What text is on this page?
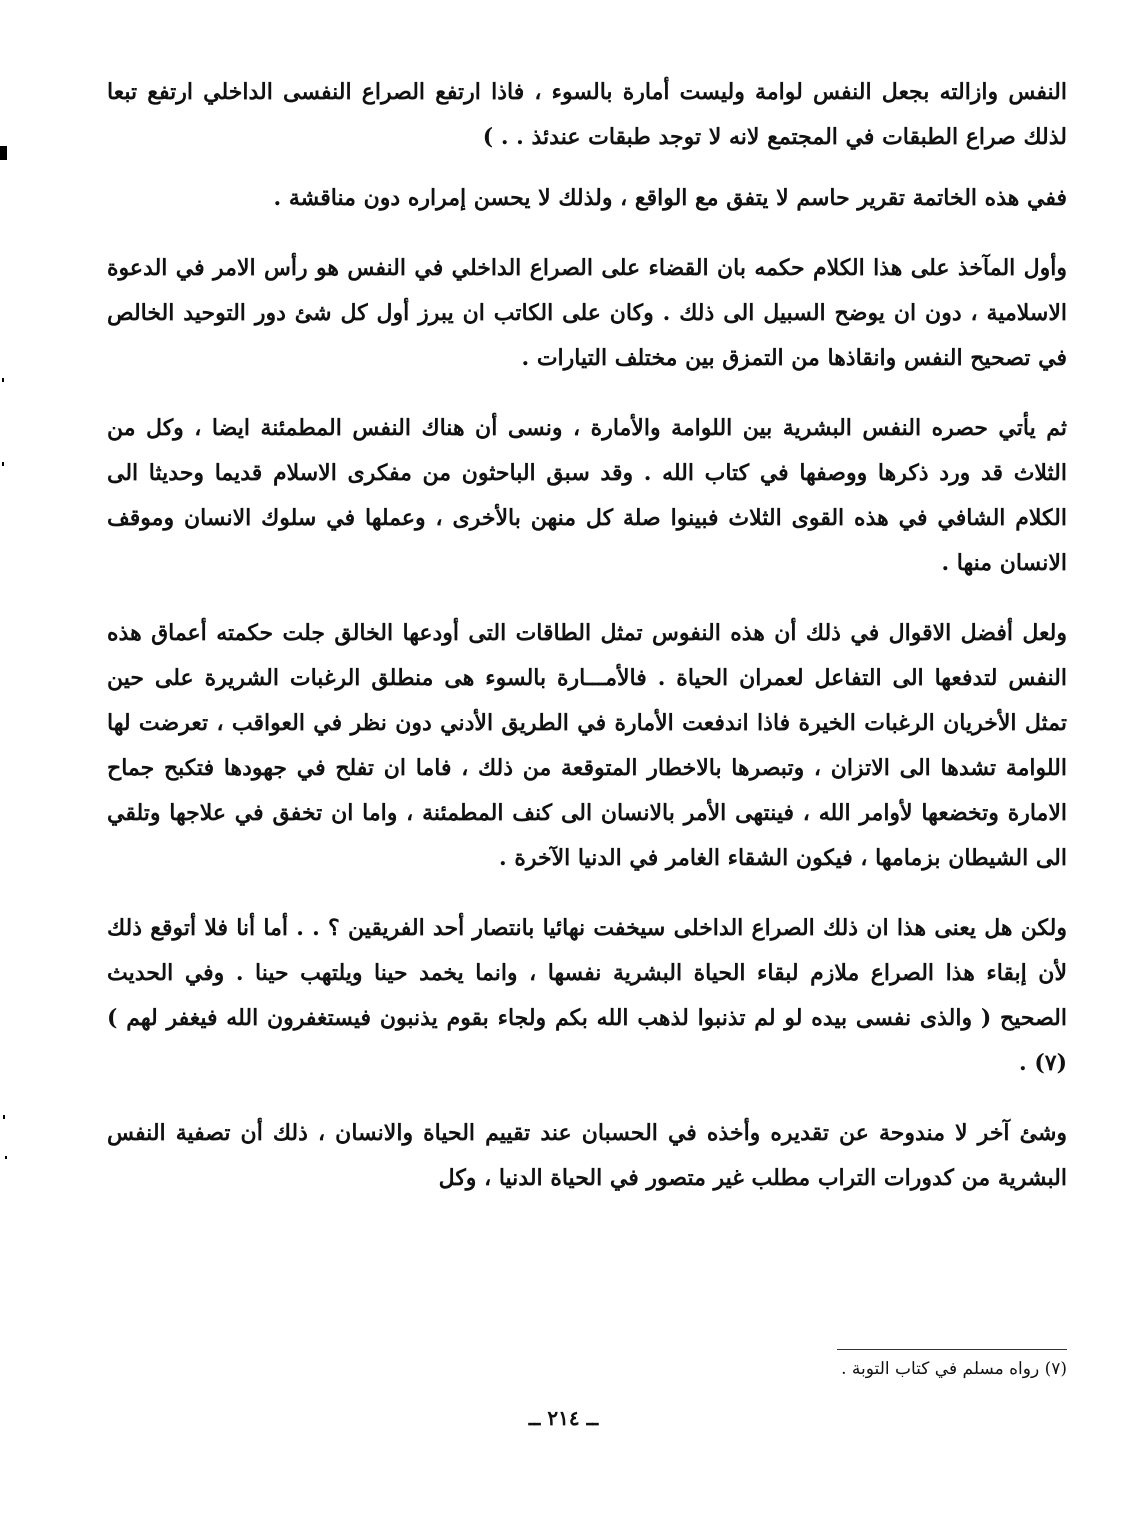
النفس وازالته بجعل النفس لوامة وليست أمارة بالسوء ، فاذا ارتفع الصراع النفسى الداخلي ارتفع تبعا لذلك صراع الطبقات في المجتمع لانه لا توجد طبقات عندئذ . . )

ففي هذه الخاتمة تقرير حاسم لا يتفق مع الواقع ، ولذلك لا يحسن إمراره دون مناقشة .

وأول المآخذ على هذا الكلام حكمه بان القضاء على الصراع الداخلي في النفس هو رأس الامر في الدعوة الاسلامية ، دون ان يوضح السبيل الى ذلك . وكان على الكاتب ان يبرز أول كل شئ دور التوحيد الخالص في تصحيح النفس وانقاذها من التمزق بين مختلف التيارات .

ثم يأتي حصره النفس البشرية بين اللوامة والأمارة ، ونسى أن هناك النفس المطمئنة ايضا ، وكل من الثلاث قد ورد ذكرها ووصفها في كتاب الله . وقد سبق الباحثون من مفكرى الاسلام قديما وحديثا الى الكلام الشافي في هذه القوى الثلاث فبينوا صلة كل منهن بالأخرى ، وعملها في سلوك الانسان وموقف الانسان منها .

ولعل أفضل الاقوال في ذلك أن هذه النفوس تمثل الطاقات التى أودعها الخالق جلت حكمته أعماق هذه النفس لتدفعها الى التفاعل لعمران الحياة . فالأمـــارة بالسوء هى منطلق الرغبات الشريرة على حين تمثل الأخريان الرغبات الخيرة فاذا اندفعت الأمارة في الطريق الأدني دون نظر في العواقب ، تعرضت لها اللوامة تشدها الى الاتزان ، وتبصرها بالاخطار المتوقعة من ذلك ، فاما ان تفلح في جهودها فتكبح جماح الامارة وتخضعها لأوامر الله ، فينتهى الأمر بالانسان الى كنف المطمئنة ، واما ان تخفق في علاجها وتلقي الى الشيطان بزمامها ، فيكون الشقاء الغامر في الدنيا الآخرة .

ولكن هل يعنى هذا ان ذلك الصراع الداخلى سيخفت نهائيا بانتصار أحد الفريقين ؟ . . أما أنا فلا أتوقع ذلك لأن إبقاء هذا الصراع ملازم لبقاء الحياة البشرية نفسها ، وانما يخمد حينا ويلتهب حينا . وفي الحديث الصحيح ( والذى نفسى بيده لو لم تذنبوا لذهب الله بكم ولجاء بقوم يذنبون فيستغفرون الله فيغفر لهم ) (٧) .

وشئ آخر لا مندوحة عن تقديره وأخذه في الحسبان عند تقييم الحياة والانسان ، ذلك أن تصفية النفس البشرية من كدورات التراب مطلب غير متصور في الحياة الدنيا ، وكل

(٧) رواه مسلم في كتاب التوبة .
ــ ٢١٤ ــ
